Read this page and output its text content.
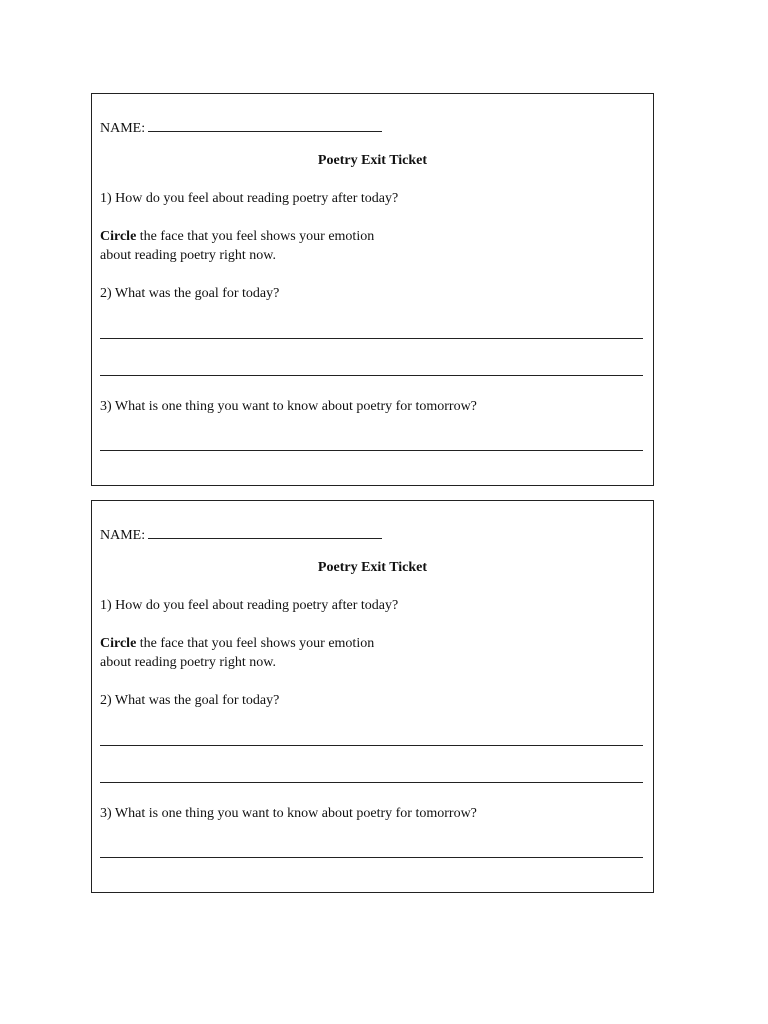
NAME:
Poetry Exit Ticket
1) How do you feel about reading poetry after today?
Circle the face that you feel shows your emotion
about reading poetry right now.
2) What was the goal for today?
3) What is one thing you want to know about poetry for tomorrow?
NAME:
Poetry Exit Ticket
1) How do you feel about reading poetry after today?
Circle the face that you feel shows your emotion
about reading poetry right now.
2) What was the goal for today?
3) What is one thing you want to know about poetry for tomorrow?
